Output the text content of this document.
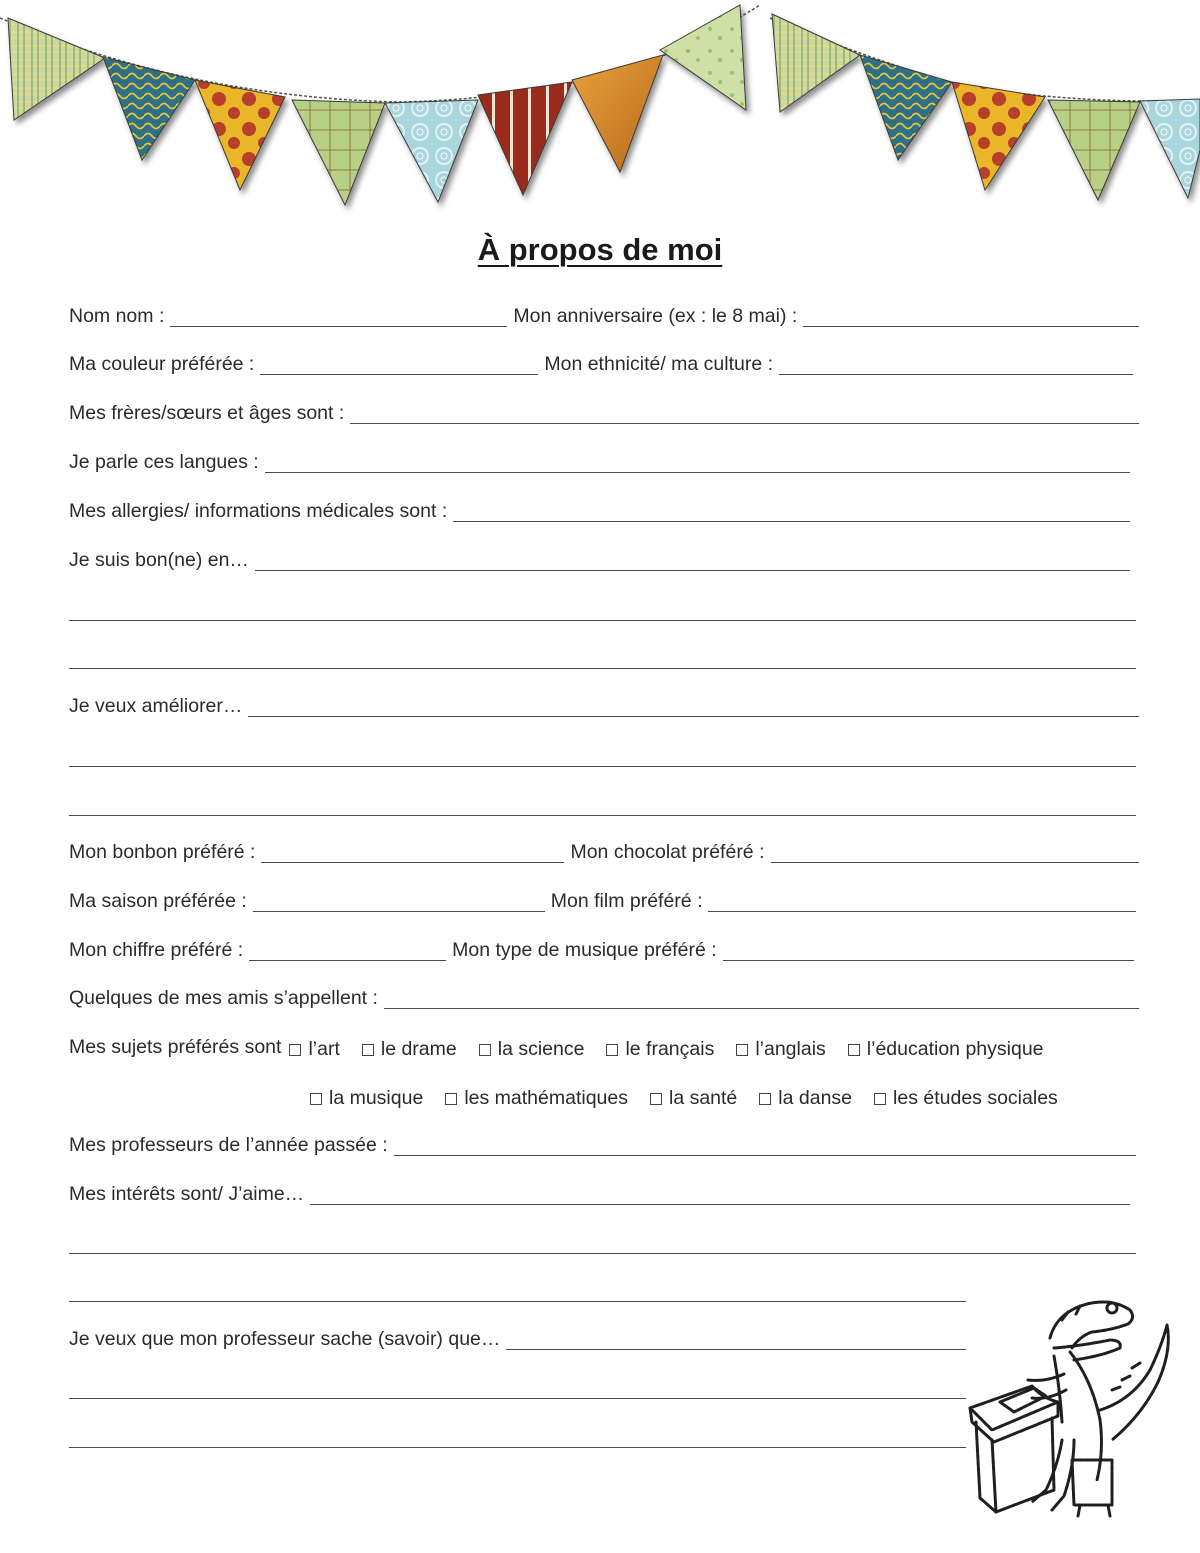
À propos de moi
Nom nom :	Mon anniversaire (ex : le 8 mai) :
Ma couleur préférée :	Mon ethnicité/ ma culture :
Mes frères/sœurs et âges sont :
Je parle ces langues :
Mes allergies/ informations médicales sont :
Je suis bon(ne) en…
Je veux améliorer…
Mon bonbon préféré :	Mon chocolat préféré :
Ma saison préférée :	Mon film préféré :
Mon chiffre préféré :	Mon type de musique préféré :
Quelques de mes amis s’appellent :
Mes sujets préférés sont l’art le drame la science le français l’anglais l’éducation physique
la musique les mathématiques la santé la danse les études sociales
Mes professeurs de l’année passée :
Mes intérêts sont/ J’aime…
Je veux que mon professeur sache (savoir) que…
